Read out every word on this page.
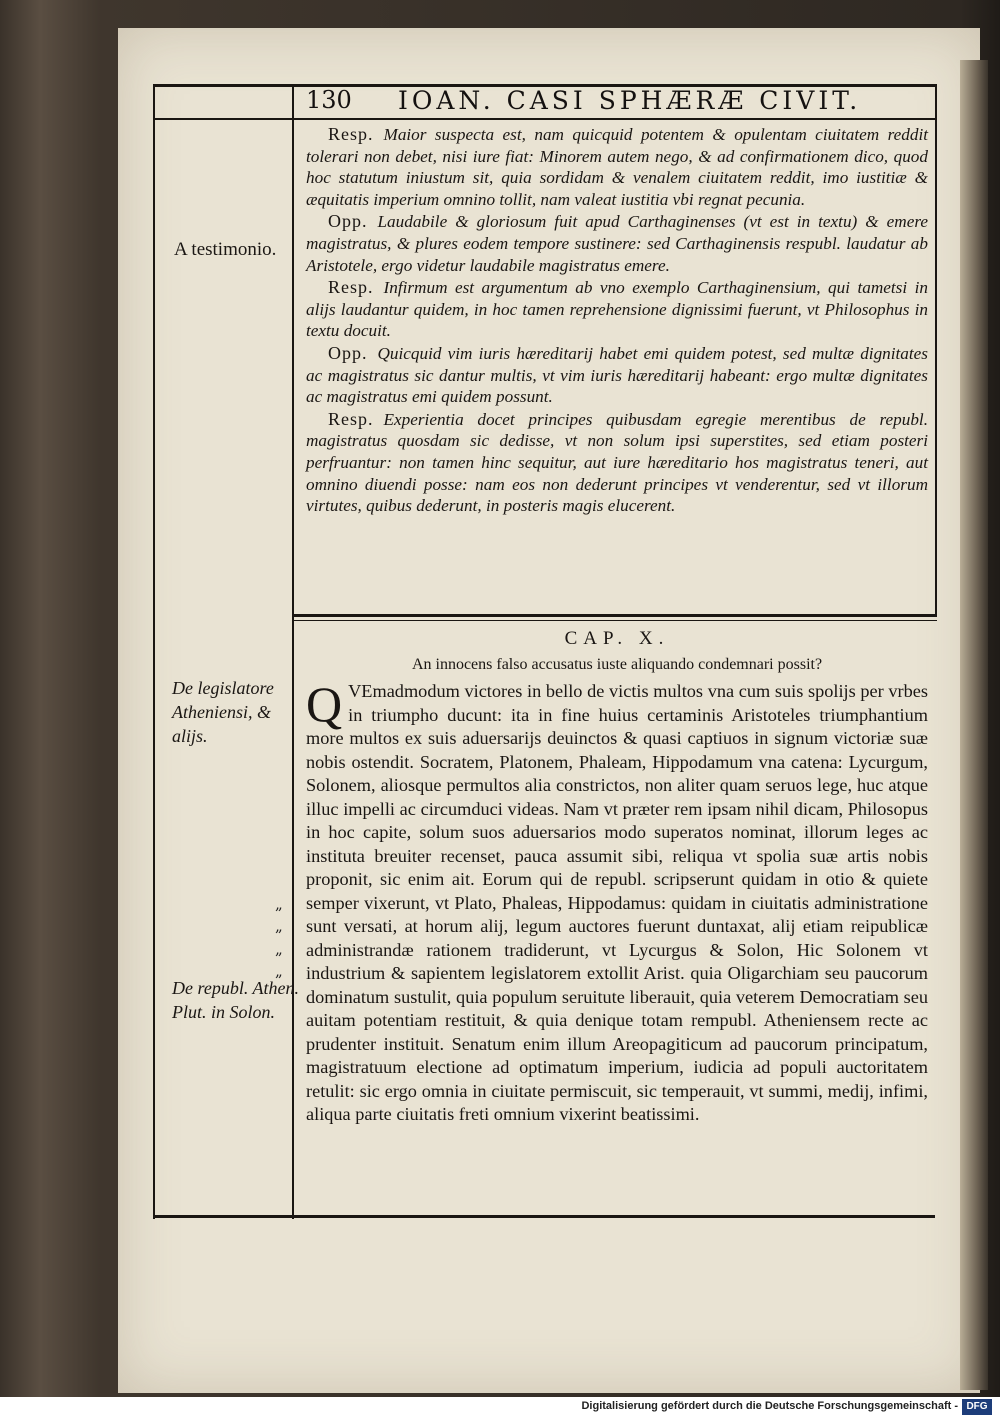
130 IOAN. CASI SPHÆRÆ CIVIT.
A testimonio.
De legislatore Atheniensi, & alijs.
De republ. Athen. Plut. in Solon.
„
„
„
„

Resp. Maior suspecta est, nam quicquid potentem & opulentam ciuitatem reddit tolerari non debet, nisi iure fiat: Minorem autem nego, & ad confirmationem dico, quod hoc statutum iniustum sit, quia sordidam & venalem ciuitatem reddit, imo iustitiæ & æquitatis imperium omnino tollit, nam valeat iustitia vbi regnat pecunia.

Opp. Laudabile & gloriosum fuit apud Carthaginenses (vt est in textu) & emere magistratus, & plures eodem tempore sustinere: sed Carthaginensis respubl. laudatur ab Aristotele, ergo videtur laudabile magistratus emere.

Resp. Infirmum est argumentum ab vno exemplo Carthaginensium, qui tametsi in alijs laudantur quidem, in hoc tamen reprehensione dignissimi fuerunt, vt Philosophus in textu docuit.

Opp. Quicquid vim iuris hæreditarij habet emi quidem potest, sed multæ dignitates ac magistratus sic dantur multis, vt vim iuris hæreditarij habeant: ergo multæ dignitates ac magistratus emi quidem possunt.

Resp. Experientia docet principes quibusdam egregie merentibus de republ. magistratus quosdam sic dedisse, vt non solum ipsi superstites, sed etiam posteri perfruantur: non tamen hinc sequitur, aut iure hæreditario hos magistratus teneri, aut omnino diuendi posse: nam eos non dederunt principes vt venderentur, sed vt illorum virtutes, quibus dederunt, in posteris magis elucerent.

CAP. X.
An innocens falso accusatus iuste aliquando condemnari possit?
Q VEmadmodum victores in bello de victis multos vna cum suis spolijs per vrbes in triumpho ducunt: ita in fine huius certaminis Aristoteles triumphantium more multos ex suis aduersarijs deuinctos & quasi captiuos in signum victoriæ suæ nobis ostendit. Socratem, Platonem, Phaleam, Hippodamum vna catena: Lycurgum, Solonem, aliosque permultos alia constrictos, non aliter quam seruos lege, huc atque illuc impelli ac circumduci videas. Nam vt præter rem ipsam nihil dicam, Philosopus in hoc capite, solum suos aduersarios modo superatos nominat, illorum leges ac instituta breuiter recenset, pauca assumit sibi, reliqua vt spolia suæ artis nobis proponit, sic enim ait. Eorum qui de republ. scripserunt quidam in otio & quiete semper vixerunt, vt Plato, Phaleas, Hippodamus: quidam in ciuitatis administratione sunt versati, at horum alij, legum auctores fuerunt duntaxat, alij etiam reipublicæ administrandæ rationem tradiderunt, vt Lycurgus & Solon, Hic Solonem vt industrium & sapientem legislatorem extollit Arist. quia Oligarchiam seu paucorum dominatum sustulit, quia populum seruitute liberauit, quia veterem Democratiam seu auitam potentiam restituit, & quia denique totam rempubl. Atheniensem recte ac prudenter instituit. Senatum enim illum Areopagiticum ad paucorum principatum, magistratuum electione ad optimatum imperium, iudicia ad populi auctoritatem retulit: sic ergo omnia in ciuitate permiscuit, sic temperauit, vt summi, medij, infimi, aliqua parte ciuitatis freti omnium vixerint beatissimi.
Digitalisierung gefördert durch die Deutsche Forschungsgemeinschaft - DFG
